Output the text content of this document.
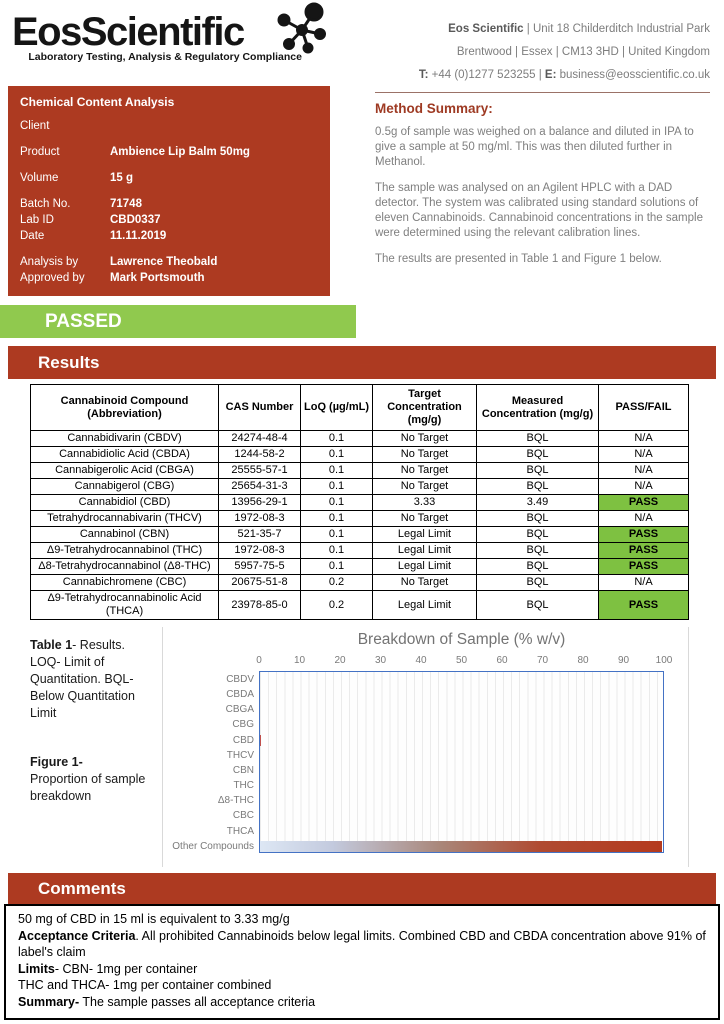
EosScientific
Laboratory Testing, Analysis & Regulatory Compliance
Eos Scientific | Unit 18 Childerditch Industrial Park
Brentwood | Essex | CM13 3HD | United Kingdom
T: +44 (0)1277 523255 | E: business@eosscientific.co.uk
Chemical Content Analysis
Client
Product	Ambience Lip Balm 50mg
Volume	15 g
Batch No.	71748
Lab ID	CBD0337
Date	11.11.2019
Analysis by	Lawrence Theobald
Approved by	Mark Portsmouth
Method Summary:

0.5g of sample was weighed on a balance and diluted in IPA to give a sample at 50 mg/ml. This was then diluted further in Methanol.

The sample was analysed on an Agilent HPLC with a DAD detector. The system was calibrated using standard solutions of eleven Cannabinoids. Cannabinoid concentrations in the sample were determined using the relevant calibration lines.

The results are presented in Table 1 and Figure 1 below.

PASSED
Results
Cannabinoid Compound (Abbreviation)	CAS Number	LoQ (µg/mL)	Target Concentration (mg/g)	Measured Concentration (mg/g)	PASS/FAIL
Cannabidivarin (CBDV)	24274-48-4	0.1	No Target	BQL	N/A
Cannabidiolic Acid (CBDA)	1244-58-2	0.1	No Target	BQL	N/A
Cannabigerolic Acid (CBGA)	25555-57-1	0.1	No Target	BQL	N/A
Cannabigerol (CBG)	25654-31-3	0.1	No Target	BQL	N/A
Cannabidiol (CBD)	13956-29-1	0.1	3.33	3.49	PASS
Tetrahydrocannabivarin (THCV)	1972-08-3	0.1	No Target	BQL	N/A
Cannabinol (CBN)	521-35-7	0.1	Legal Limit	BQL	PASS
Δ9-Tetrahydrocannabinol (THC)	1972-08-3	0.1	Legal Limit	BQL	PASS
Δ8-Tetrahydrocannabinol (Δ8-THC)	5957-75-5	0.1	Legal Limit	BQL	PASS
Cannabichromene (CBC)	20675-51-8	0.2	No Target	BQL	N/A
Δ9-Tetrahydrocannabinolic Acid (THCA)	23978-85-0	0.2	Legal Limit	BQL	PASS
Table 1- Results. LOQ- Limit of Quantitation. BQL- Below Quantitation Limit
Figure 1-
Proportion of sample breakdown
Breakdown of Sample (% w/v)
CBDV
CBDA
CBGA
CBG
CBD
THCV
CBN
THC
Δ8-THC
CBC
THCA
Other Compounds
0	10	20	30	40	50	60	70	80	90	100
Comments
50 mg of CBD in 15 ml is equivalent to 3.33 mg/g
Acceptance Criteria. All prohibited Cannabinoids below legal limits. Combined CBD and CBDA concentration above 91% of label's claim
Limits- CBN- 1mg per container
THC and THCA- 1mg per container combined
Summary- The sample passes all acceptance criteria
